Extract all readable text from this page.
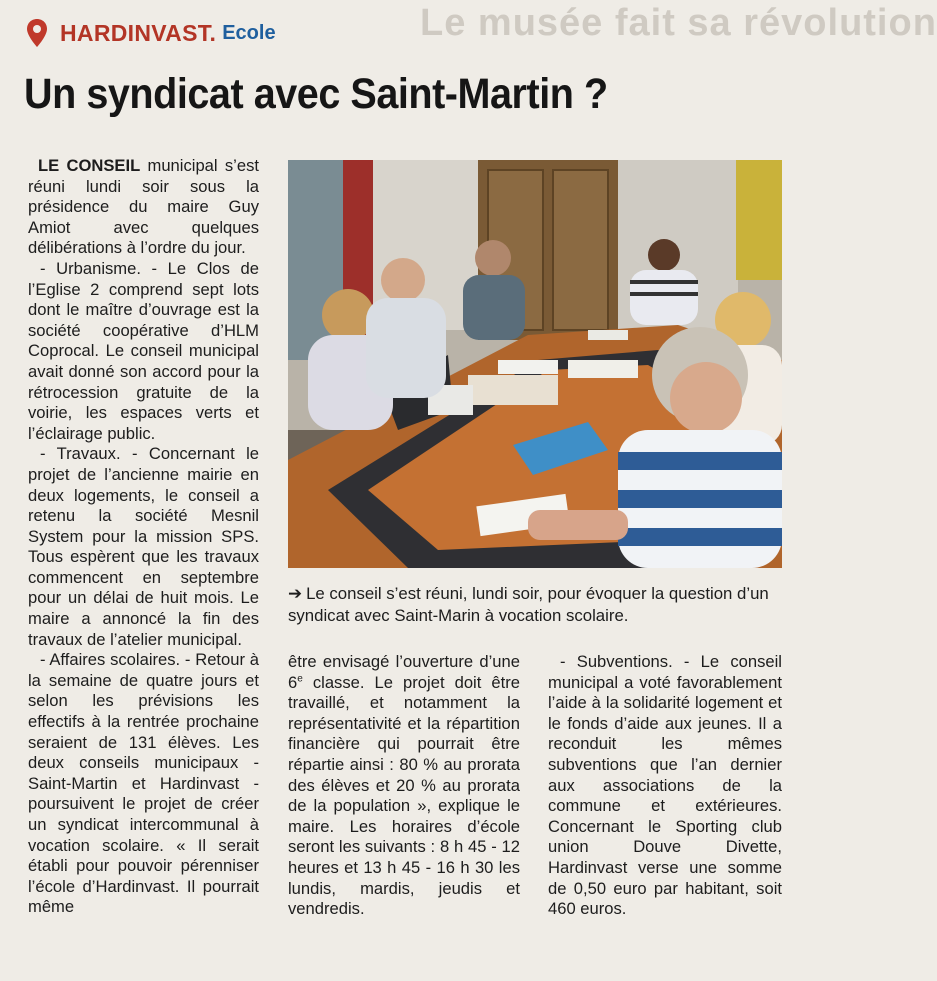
Le musée fait sa révolution
HARDINVAST. Ecole
Un syndicat avec Saint-Martin ?

LE CONSEIL municipal s’est réuni lundi soir sous la présidence du maire Guy Amiot avec quelques délibérations à l’ordre du jour.

- Urbanisme. - Le Clos de l’Eglise 2 comprend sept lots dont le maître d’ouvrage est la société coopérative d’HLM Coprocal. Le conseil municipal avait donné son accord pour la rétrocession gratuite de la voirie, les espaces verts et l’éclairage public.

- Travaux. - Concernant le projet de l’ancienne mairie en deux logements, le conseil a retenu la société Mesnil System pour la mission SPS. Tous espèrent que les travaux commencent en septembre pour un délai de huit mois. Le maire a annoncé la fin des travaux de l’atelier municipal.

- Affaires scolaires. - Retour à la semaine de quatre jours et selon les prévisions les effectifs à la rentrée prochaine seraient de 131 élèves. Les deux conseils municipaux - Saint-Martin et Hardinvast - poursuivent le projet de créer un syndicat intercommunal à vocation scolaire. « Il serait établi pour pouvoir pérenniser l’école d’Hardinvast. Il pourrait même

➔ Le conseil s’est réuni, lundi soir, pour évoquer la question d’un syndicat avec Saint-Marin à vocation scolaire.

être envisagé l’ouverture d’une 6e classe. Le projet doit être travaillé, et notamment la représentativité et la répartition financière qui pourrait être répartie ainsi : 80 % au prorata des élèves et 20 % au prorata de la population », explique le maire. Les horaires d’école seront les suivants : 8 h 45 - 12 heures et 13 h 45 - 16 h 30 les lundis, mardis, jeudis et vendredis.

- Subventions. - Le conseil municipal a voté favorablement l’aide à la solidarité logement et le fonds d’aide aux jeunes. Il a reconduit les mêmes subventions que l’an dernier aux associations de la commune et extérieures. Concernant le Sporting club union Douve Divette, Hardinvast verse une somme de 0,50 euro par habitant, soit 460 euros.
